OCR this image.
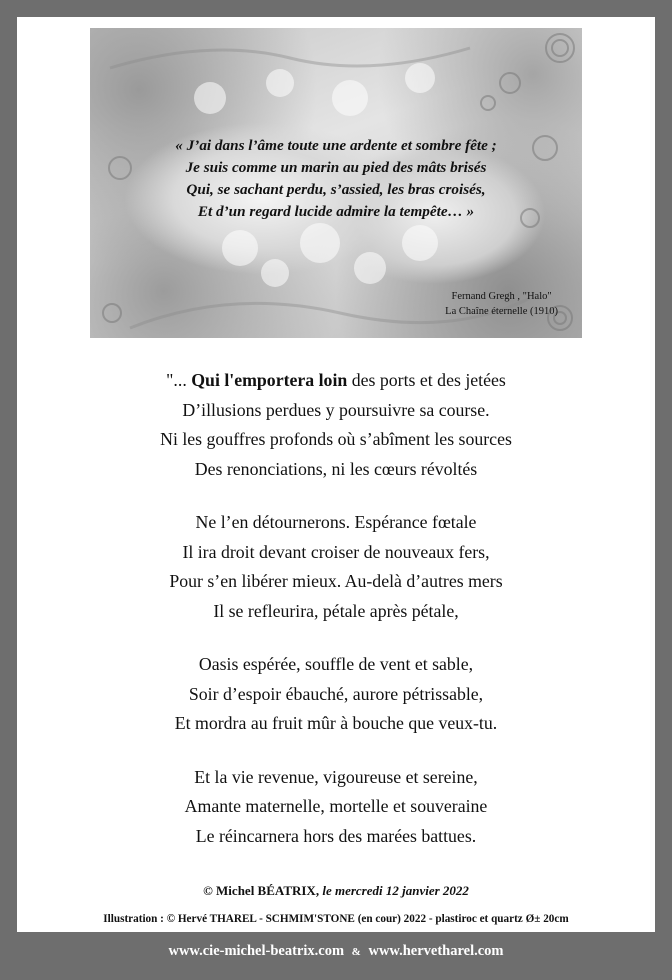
« J’ai dans l’âme toute une ardente et sombre fête ;
Je suis comme un marin au pied des mâts brisés
Qui, se sachant perdu, s’assied, les bras croisés,
Et d’un regard lucide admire la tempête… »
Fernand Gregh , "Halo"
La Chaîne éternelle (1910)
"... Qui l'emportera loin des ports et des jetées
D’illusions perdues y poursuivre sa course.
Ni les gouffres profonds où s’abîment les sources
Des renonciations, ni les cœurs révoltés
Ne l’en détournerons. Espérance fœtale
Il ira droit devant croiser de nouveaux fers,
Pour s’en libérer mieux. Au-delà d’autres mers
Il se refleurira, pétale après pétale,
Oasis espérée, souffle de vent et sable,
Soir d’espoir ébauché, aurore pétrissable,
Et mordra au fruit mûr à bouche que veux-tu.
Et la vie revenue, vigoureuse et sereine,
Amante maternelle, mortelle et souveraine
Le réincarnera hors des marées battues.
© Michel BÉATRIX, le mercredi 12 janvier 2022
Illustration : © Hervé THAREL - SCHMIM'STONE (en cour) 2022 - plastiroc et quartz Ø± 20cm
www.cie-michel-beatrix.com & www.hervetharel.com
